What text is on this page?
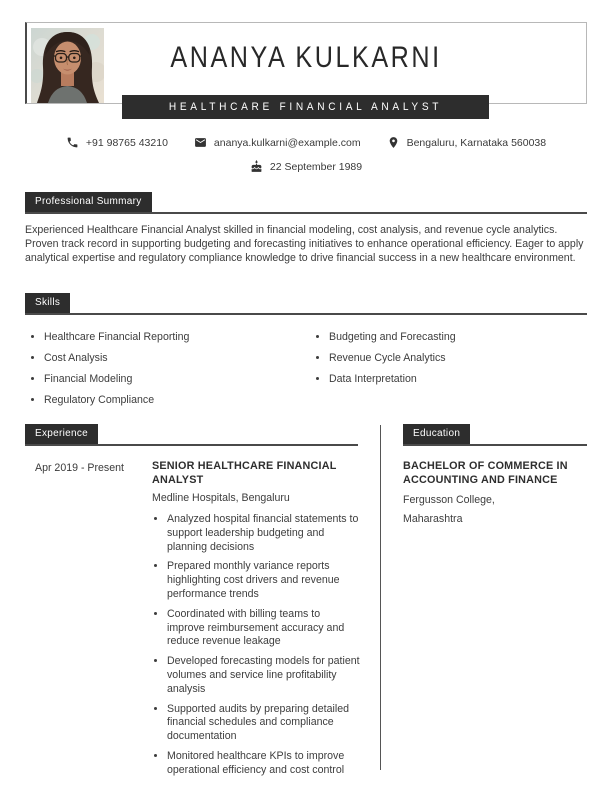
ANANYA KULKARNI
HEALTHCARE FINANCIAL ANALYST
+91 98765 43210	ananya.kulkarni@example.com	Bengaluru, Karnataka 560038
22 September 1989
Professional Summary
Experienced Healthcare Financial Analyst skilled in financial modeling, cost analysis, and revenue cycle analytics. Proven track record in supporting budgeting and forecasting initiatives to enhance operational efficiency. Eager to apply analytical expertise and regulatory compliance knowledge to drive financial success in a new healthcare environment.
Skills
• Healthcare Financial Reporting
• Cost Analysis
• Financial Modeling
• Regulatory Compliance
• Budgeting and Forecasting
• Revenue Cycle Analytics
• Data Interpretation
Experience	Education
Apr 2019 - Present	SENIOR HEALTHCARE FINANCIAL ANALYST
Medline Hospitals, Bengaluru
• Analyzed hospital financial statements to support leadership budgeting and planning decisions
• Prepared monthly variance reports highlighting cost drivers and revenue performance trends
• Coordinated with billing teams to improve reimbursement accuracy and reduce revenue leakage
• Developed forecasting models for patient volumes and service line profitability analysis
• Supported audits by preparing detailed financial schedules and compliance documentation
• Monitored healthcare KPIs to improve operational efficiency and cost control
BACHELOR OF COMMERCE IN ACCOUNTING AND FINANCE
Fergusson College,
Maharashtra
